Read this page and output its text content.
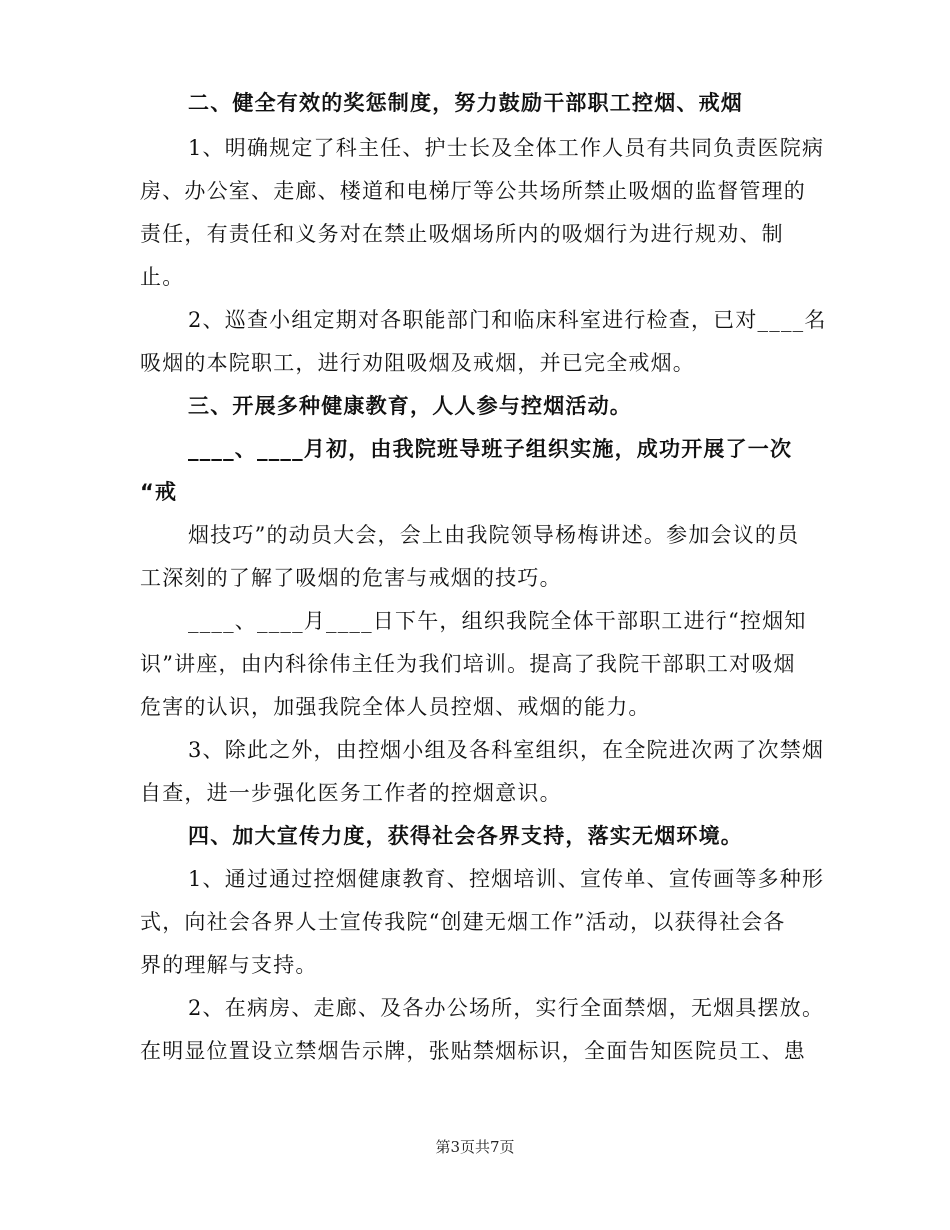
二、健全有效的奖惩制度，努力鼓励干部职工控烟、戒烟
1、明确规定了科主任、护士长及全体工作人员有共同负责医院病
房、办公室、走廊、楼道和电梯厅等公共场所禁止吸烟的监督管理的
责任，有责任和义务对在禁止吸烟场所内的吸烟行为进行规劝、制
止。
2、巡查小组定期对各职能部门和临床科室进行检查，已对____名
吸烟的本院职工，进行劝阻吸烟及戒烟，并已完全戒烟。
三、开展多种健康教育，人人参与控烟活动。
____、____月初，由我院班导班子组织实施，成功开展了一次
“戒
烟技巧”的动员大会，会上由我院领导杨梅讲述。参加会议的员
工深刻的了解了吸烟的危害与戒烟的技巧。
____、____月____日下午，组织我院全体干部职工进行“控烟知
识”讲座，由内科徐伟主任为我们培训。提高了我院干部职工对吸烟
危害的认识，加强我院全体人员控烟、戒烟的能力。
3、除此之外，由控烟小组及各科室组织，在全院进次两了次禁烟
自查，进一步强化医务工作者的控烟意识。
四、加大宣传力度，获得社会各界支持，落实无烟环境。
1、通过通过控烟健康教育、控烟培训、宣传单、宣传画等多种形
式，向社会各界人士宣传我院“创建无烟工作”活动，以获得社会各
界的理解与支持。
2、在病房、走廊、及各办公场所，实行全面禁烟，无烟具摆放。
在明显位置设立禁烟告示牌，张贴禁烟标识，全面告知医院员工、患
第3页共7页
